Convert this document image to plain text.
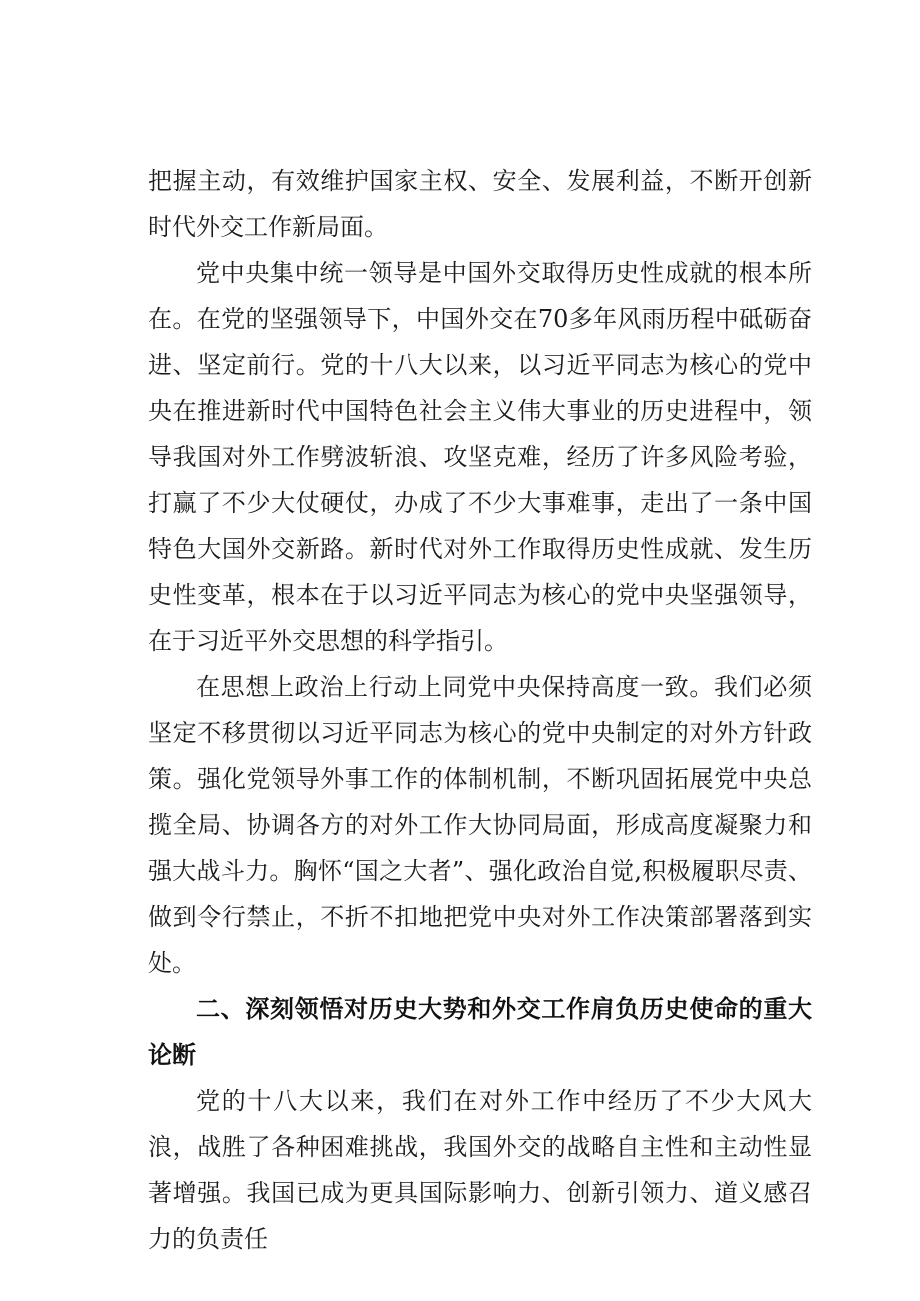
把握主动，有效维护国家主权、安全、发展利益，不断开创新时代外交工作新局面。

党中央集中统一领导是中国外交取得历史性成就的根本所在。在党的坚强领导下，中国外交在70多年风雨历程中砥砺奋进、坚定前行。党的十八大以来，以习近平同志为核心的党中央在推进新时代中国特色社会主义伟大事业的历史进程中，领导我国对外工作劈波斩浪、攻坚克难，经历了许多风险考验，打赢了不少大仗硬仗，办成了不少大事难事，走出了一条中国特色大国外交新路。新时代对外工作取得历史性成就、发生历史性变革，根本在于以习近平同志为核心的党中央坚强领导，在于习近平外交思想的科学指引。

在思想上政治上行动上同党中央保持高度一致。我们必须坚定不移贯彻以习近平同志为核心的党中央制定的对外方针政策。强化党领导外事工作的体制机制，不断巩固拓展党中央总揽全局、协调各方的对外工作大协同局面，形成高度凝聚力和强大战斗力。胸怀“国之大者”、强化政治自觉,积极履职尽责、做到令行禁止，不折不扣地把党中央对外工作决策部署落到实处。

二、深刻领悟对历史大势和外交工作肩负历史使命的重大论断

党的十八大以来，我们在对外工作中经历了不少大风大浪，战胜了各种困难挑战，我国外交的战略自主性和主动性显著增强。我国已成为更具国际影响力、创新引领力、道义感召力的负责任
